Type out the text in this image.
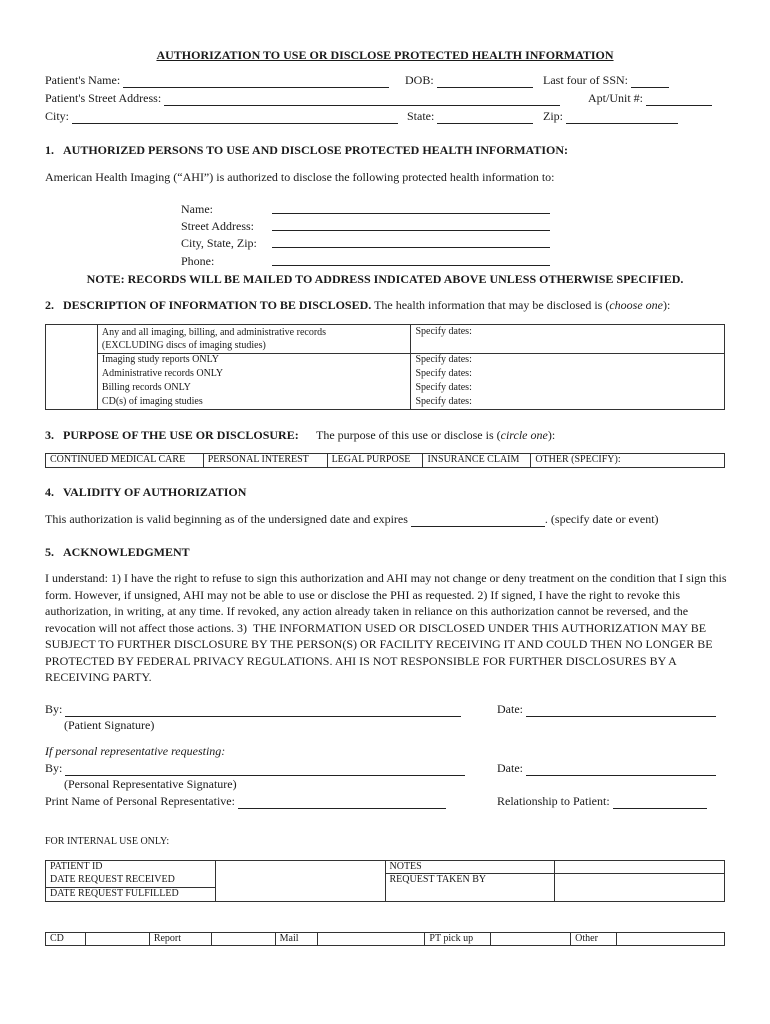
AUTHORIZATION TO USE OR DISCLOSE PROTECTED HEALTH INFORMATION
Patient's Name:	DOB:	Last four of SSN:
Patient's Street Address:	Apt/Unit #:
City:	State:	Zip:
1.   AUTHORIZED PERSONS TO USE AND DISCLOSE PROTECTED HEALTH INFORMATION:
American Health Imaging (“AHI”) is authorized to disclose the following protected health information to:
Name:
Street Address:
City, State, Zip:
Phone:
NOTE: RECORDS WILL BE MAILED TO ADDRESS INDICATED ABOVE UNLESS OTHERWISE SPECIFIED.
2.   DESCRIPTION OF INFORMATION TO BE DISCLOSED. The health information that may be disclosed is (choose one):
	Any and all imaging, billing, and administrative records
(EXCLUDING discs of imaging studies)	Specify dates:
	Imaging study reports ONLY	Specify dates:
	Administrative records ONLY	Specify dates:
	Billing records ONLY	Specify dates:
	CD(s) of imaging studies	Specify dates:
3.   PURPOSE OF THE USE OR DISCLOSURE: The purpose of this use or disclose is (circle one):
CONTINUED MEDICAL CARE	PERSONAL INTEREST	LEGAL PURPOSE	INSURANCE CLAIM	OTHER (SPECIFY):
4.   VALIDITY OF AUTHORIZATION
This authorization is valid beginning as of the undersigned date and expires	. (specify date or event)
5.   ACKNOWLEDGMENT
I understand: 1) I have the right to refuse to sign this authorization and AHI may not change or deny treatment on the condition that I sign this form. However, if unsigned, AHI may not be able to use or disclose the PHI as requested. 2) If signed, I have the right to revoke this authorization, in writing, at any time. If revoked, any action already taken in reliance on this authorization cannot be reversed, and the revocation will not affect those actions. 3)  THE INFORMATION USED OR DISCLOSED UNDER THIS AUTHORIZATION MAY BE SUBJECT TO FURTHER DISCLOSURE BY THE PERSON(S) OR FACILITY RECEIVING IT AND COULD THEN NO LONGER BE PROTECTED BY FEDERAL PRIVACY REGULATIONS. AHI IS NOT RESPONSIBLE FOR FURTHER DISCLOSURES BY A RECEIVING PARTY.
By:	Date:
(Patient Signature)
If personal representative requesting:
By:	Date:
(Personal Representative Signature)
Print Name of Personal Representative:	Relationship to Patient:
FOR INTERNAL USE ONLY:
PATIENT ID		NOTES	
DATE REQUEST RECEIVED		REQUEST TAKEN BY	
DATE REQUEST FULFILLED			
CD		Report		Mail		PT pick up		Other	
